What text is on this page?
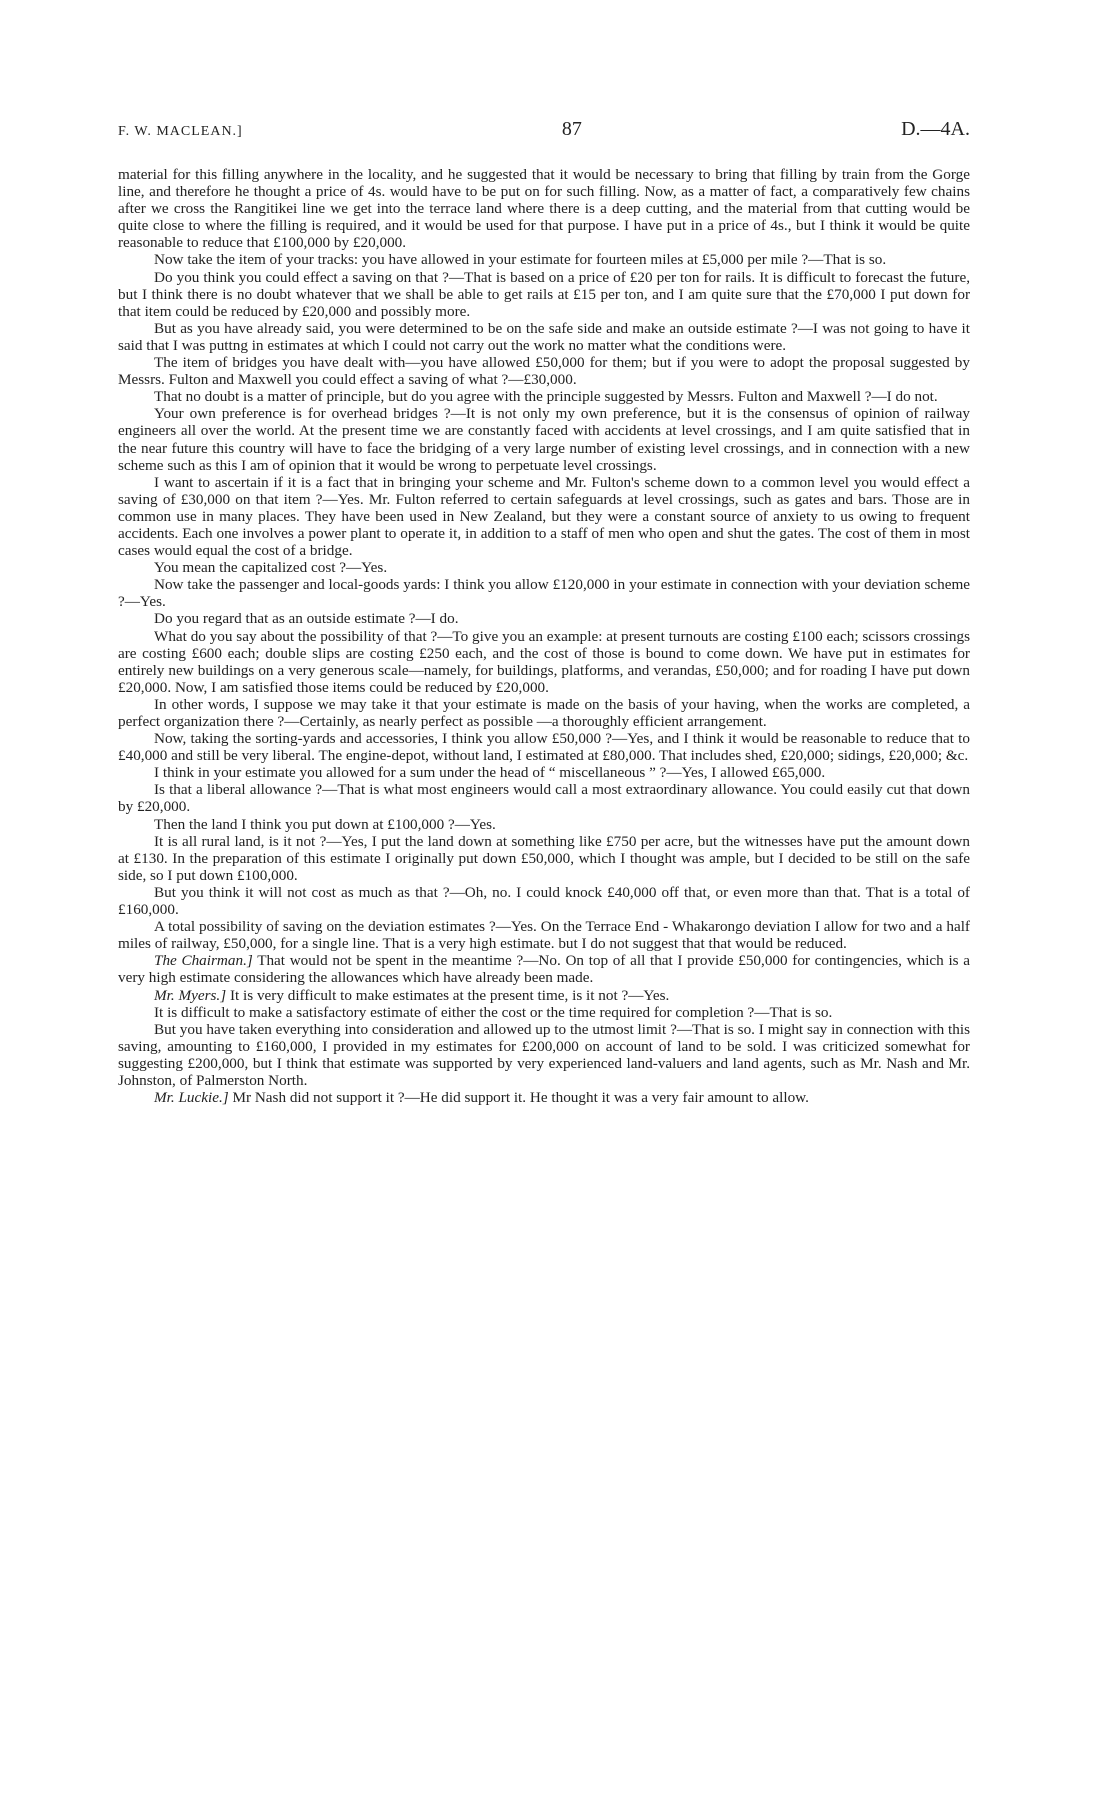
F. W. MACLEAN.]	87	D.—4A.

material for this filling anywhere in the locality, and he suggested that it would be necessary to bring that filling by train from the Gorge line, and therefore he thought a price of 4s. would have to be put on for such filling. Now, as a matter of fact, a comparatively few chains after we cross the Rangitikei line we get into the terrace land where there is a deep cutting, and the material from that cutting would be quite close to where the filling is required, and it would be used for that purpose. I have put in a price of 4s., but I think it would be quite reasonable to reduce that £100,000 by £20,000.

Now take the item of your tracks: you have allowed in your estimate for fourteen miles at £5,000 per mile ?—That is so.

Do you think you could effect a saving on that ?—That is based on a price of £20 per ton for rails. It is difficult to forecast the future, but I think there is no doubt whatever that we shall be able to get rails at £15 per ton, and I am quite sure that the £70,000 I put down for that item could be reduced by £20,000 and possibly more.

But as you have already said, you were determined to be on the safe side and make an outside estimate ?—I was not going to have it said that I was puttng in estimates at which I could not carry out the work no matter what the conditions were.

The item of bridges you have dealt with—you have allowed £50,000 for them; but if you were to adopt the proposal suggested by Messrs. Fulton and Maxwell you could effect a saving of what ?—£30,000.

That no doubt is a matter of principle, but do you agree with the principle suggested by Messrs. Fulton and Maxwell ?—I do not.

Your own preference is for overhead bridges ?—It is not only my own preference, but it is the consensus of opinion of railway engineers all over the world. At the present time we are constantly faced with accidents at level crossings, and I am quite satisfied that in the near future this country will have to face the bridging of a very large number of existing level crossings, and in connection with a new scheme such as this I am of opinion that it would be wrong to perpetuate level crossings.

I want to ascertain if it is a fact that in bringing your scheme and Mr. Fulton's scheme down to a common level you would effect a saving of £30,000 on that item ?—Yes. Mr. Fulton referred to certain safeguards at level crossings, such as gates and bars. Those are in common use in many places. They have been used in New Zealand, but they were a constant source of anxiety to us owing to frequent accidents. Each one involves a power plant to operate it, in addition to a staff of men who open and shut the gates. The cost of them in most cases would equal the cost of a bridge.

You mean the capitalized cost ?—Yes.

Now take the passenger and local-goods yards: I think you allow £120,000 in your estimate in connection with your deviation scheme ?—Yes.

Do you regard that as an outside estimate ?—I do.

What do you say about the possibility of that ?—To give you an example: at present turnouts are costing £100 each; scissors crossings are costing £600 each; double slips are costing £250 each, and the cost of those is bound to come down. We have put in estimates for entirely new buildings on a very generous scale—namely, for buildings, platforms, and verandas, £50,000; and for roading I have put down £20,000. Now, I am satisfied those items could be reduced by £20,000.

In other words, I suppose we may take it that your estimate is made on the basis of your having, when the works are completed, a perfect organization there ?—Certainly, as nearly perfect as possible —a thoroughly efficient arrangement.

Now, taking the sorting-yards and accessories, I think you allow £50,000 ?—Yes, and I think it would be reasonable to reduce that to £40,000 and still be very liberal. The engine-depot, without land, I estimated at £80,000. That includes shed, £20,000; sidings, £20,000; &c.

I think in your estimate you allowed for a sum under the head of “ miscellaneous ” ?—Yes, I allowed £65,000.

Is that a liberal allowance ?—That is what most engineers would call a most extraordinary allowance. You could easily cut that down by £20,000.

Then the land I think you put down at £100,000 ?—Yes.

It is all rural land, is it not ?—Yes, I put the land down at something like £750 per acre, but the witnesses have put the amount down at £130. In the preparation of this estimate I originally put down £50,000, which I thought was ample, but I decided to be still on the safe side, so I put down £100,000.

But you think it will not cost as much as that ?—Oh, no. I could knock £40,000 off that, or even more than that. That is a total of £160,000.

A total possibility of saving on the deviation estimates ?—Yes. On the Terrace End - Whakarongo deviation I allow for two and a half miles of railway, £50,000, for a single line. That is a very high estimate. but I do not suggest that that would be reduced.

The Chairman.] That would not be spent in the meantime ?—No. On top of all that I provide £50,000 for contingencies, which is a very high estimate considering the allowances which have already been made.

Mr. Myers.] It is very difficult to make estimates at the present time, is it not ?—Yes.

It is difficult to make a satisfactory estimate of either the cost or the time required for completion ?—That is so.

But you have taken everything into consideration and allowed up to the utmost limit ?—That is so. I might say in connection with this saving, amounting to £160,000, I provided in my estimates for £200,000 on account of land to be sold. I was criticized somewhat for suggesting £200,000, but I think that estimate was supported by very experienced land-valuers and land agents, such as Mr. Nash and Mr. Johnston, of Palmerston North.

Mr. Luckie.] Mr Nash did not support it ?—He did support it. He thought it was a very fair amount to allow.
